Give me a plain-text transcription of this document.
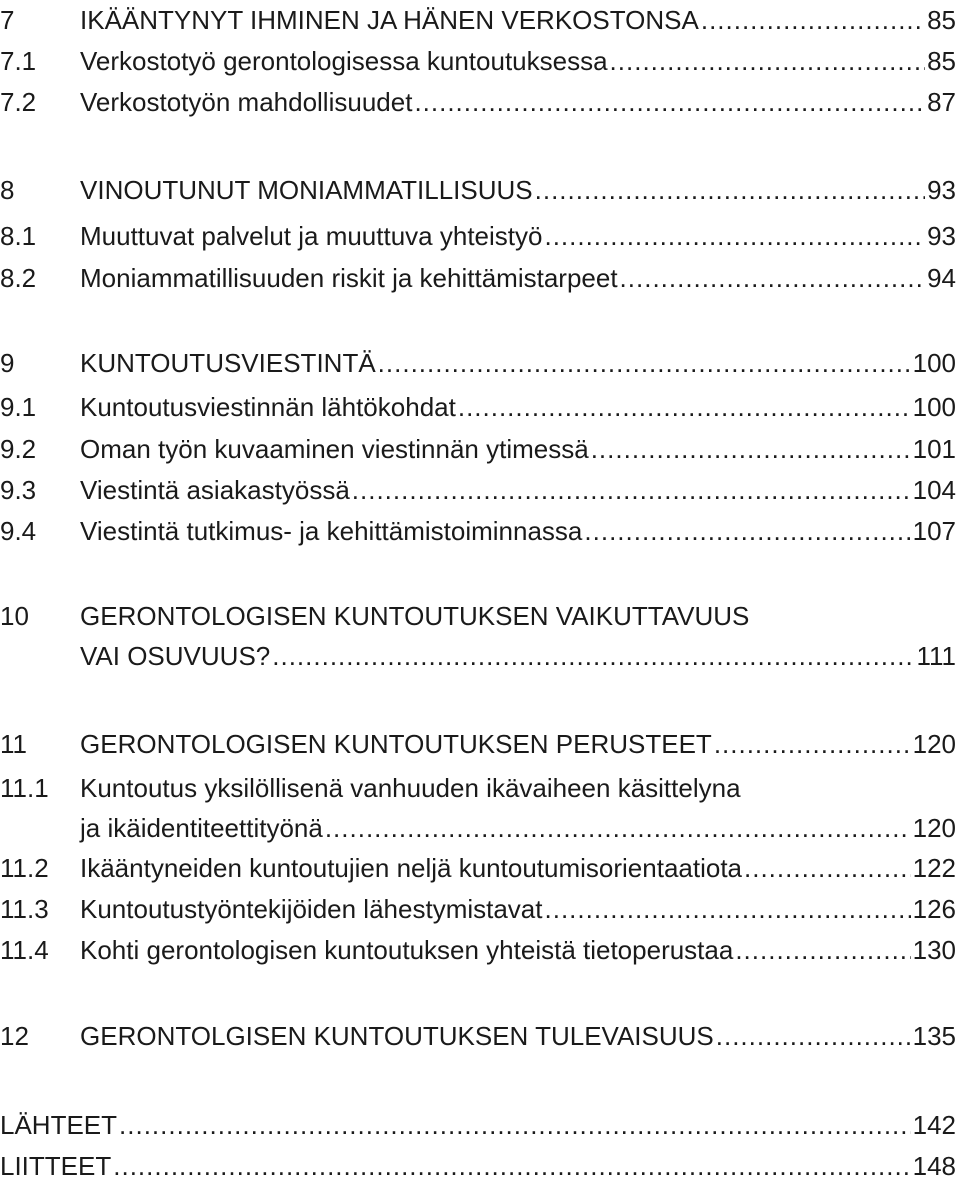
7	IKÄÄNTYNYT IHMINEN JA HÄNEN VERKOSTONSA .....	85
7.1 Verkostotyö gerontologisessa kuntoutuksessa .....	85
7.2 Verkostotyön mahdollisuudet .....	87
8	VINOUTUNUT MONIAMMATILLISUUS .....	93
8.1 Muuttuvat palvelut ja muuttuva yhteistyö .....	93
8.2 Moniammatillisuuden riskit ja kehittämistarpeet .....	94
9	KUNTOUTUSVIESTINTÄ .....	100
9.1 Kuntoutusviestinnän lähtökohdat .....	100
9.2 Oman työn kuvaaminen viestinnän ytimessä .....	101
9.3 Viestintä asiakastyössä .....	104
9.4 Viestintä tutkimus- ja kehittämistoiminnassa .....	107
10 GERONTOLOGISEN KUNTOUTUKSEN VAIKUTTAVUUS
VAI OSUVUUS? .....	111
11 GERONTOLOGISEN KUNTOUTUKSEN PERUSTEET .....	120
11.1 Kuntoutus yksilöllisenä vanhuuden ikävaiheen käsittelyna
ja ikäidentiteettityönä .....	120
11.2 Ikääntyneiden kuntoutujien neljä kuntoutumisorientaatiota .....	122
11.3 Kuntoutustyöntekijöiden lähestymistavat .....	126
11.4 Kohti gerontologisen kuntoutuksen yhteistä tietoperustaa .....	130
12 GERONTOLGISEN KUNTOUTUKSEN TULEVAISUUS .....	135
LÄHTEET .....	142
LIITTEET .....	148
